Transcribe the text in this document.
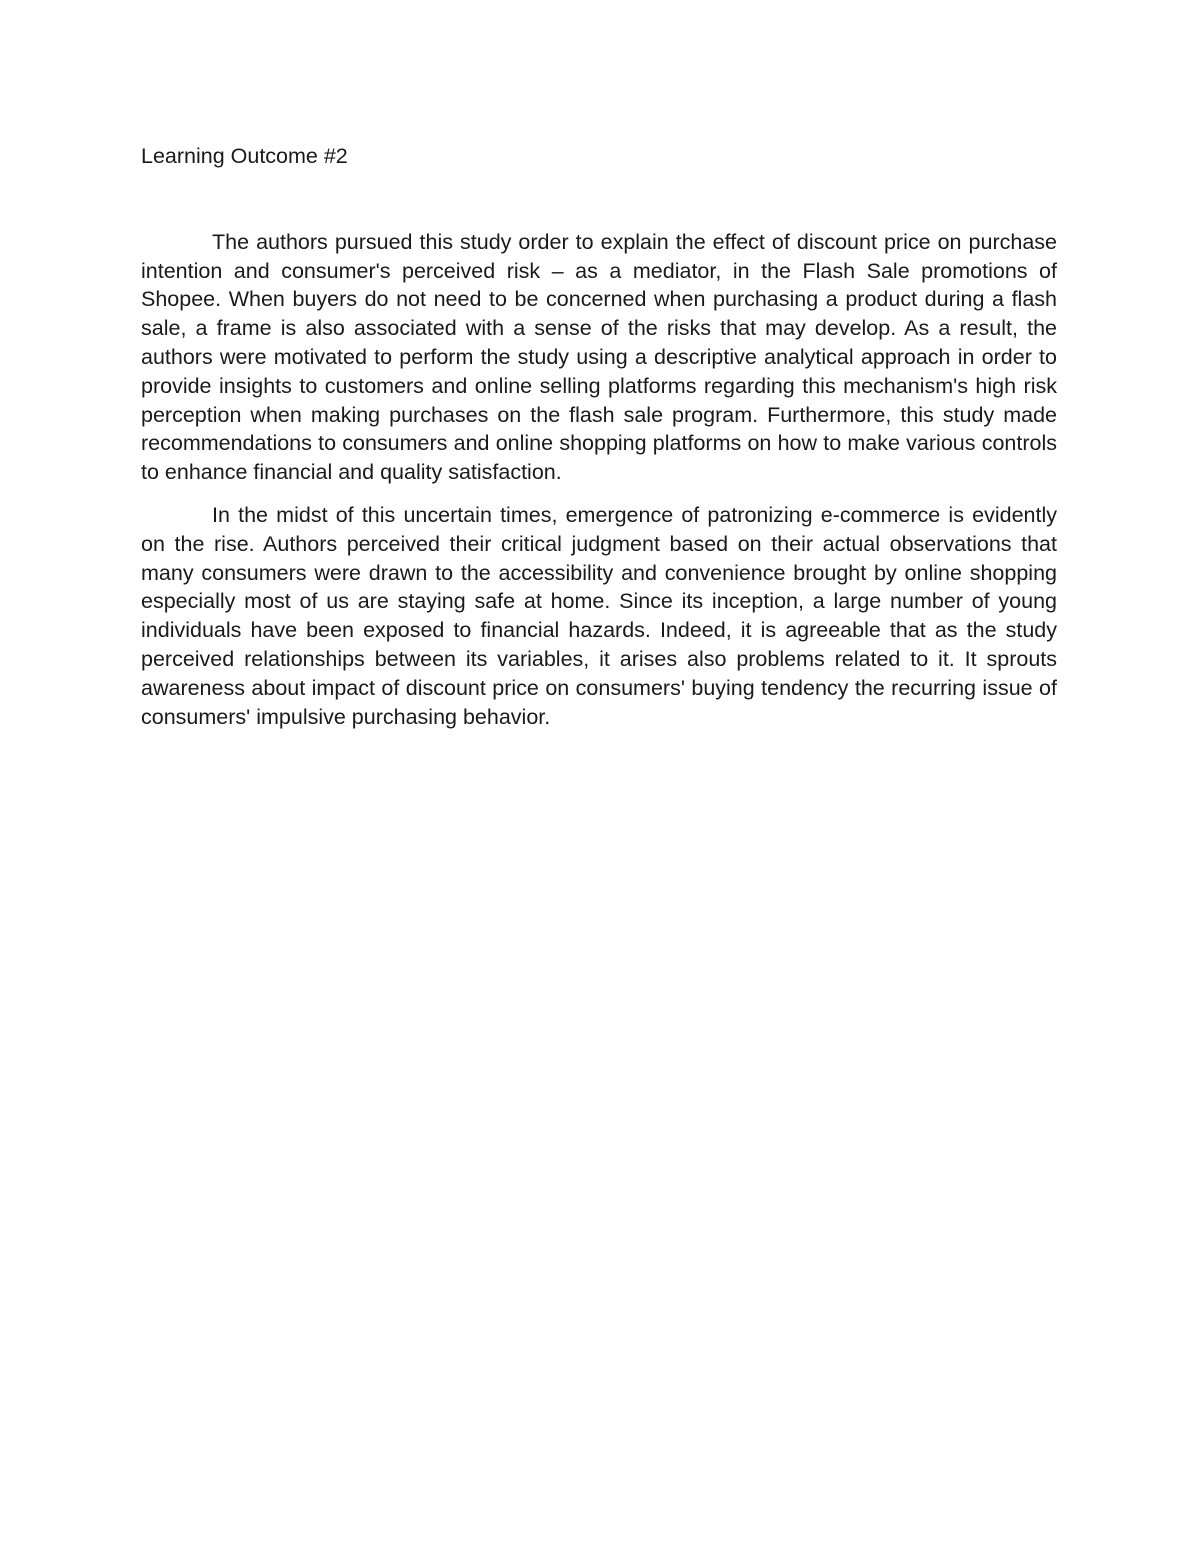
Learning Outcome #2

The authors pursued this study order to explain the effect of discount price on purchase intention and consumer's perceived risk – as a mediator, in the Flash Sale promotions of Shopee. When buyers do not need to be concerned when purchasing a product during a flash sale, a frame is also associated with a sense of the risks that may develop. As a result, the authors were motivated to perform the study using a descriptive analytical approach in order to provide insights to customers and online selling platforms regarding this mechanism's high risk perception when making purchases on the flash sale program. Furthermore, this study made recommendations to consumers and online shopping platforms on how to make various controls to enhance financial and quality satisfaction.

In the midst of this uncertain times, emergence of patronizing e-commerce is evidently on the rise. Authors perceived their critical judgment based on their actual observations that many consumers were drawn to the accessibility and convenience brought by online shopping especially most of us are staying safe at home. Since its inception, a large number of young individuals have been exposed to financial hazards. Indeed, it is agreeable that as the study perceived relationships between its variables, it arises also problems related to it. It sprouts awareness about impact of discount price on consumers' buying tendency the recurring issue of consumers' impulsive purchasing behavior.
